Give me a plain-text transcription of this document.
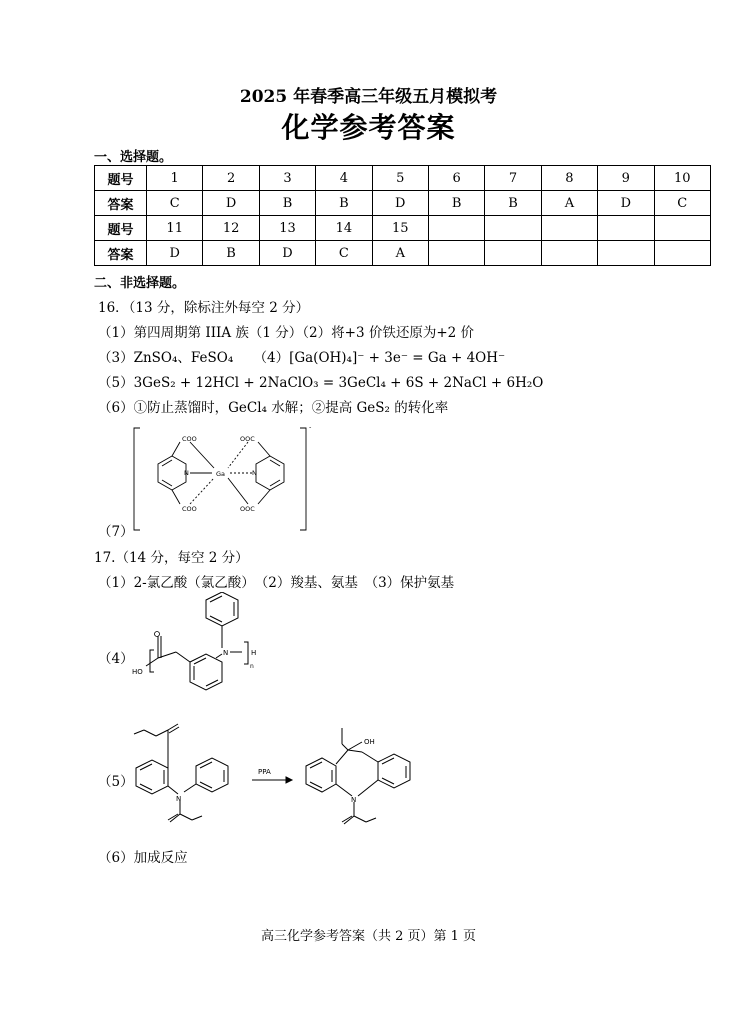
2025 年春季高三年级五月模拟考
化学参考答案
一、选择题。
题号	1	2	3	4	5	6	7	8	9	10
答案	C	D	B	B	D	B	B	A	D	C
题号	11	12	13	14	15					
答案	D	B	D	C	A					
二、非选择题。
16．（13 分，除标注外每空 2 分）
（1）第四周期第 IIIA 族（1 分）（2）将+3 价铁还原为+2 价
（3）ZnSO₄、FeSO₄　　（4）[Ga(OH)₄]⁻ + 3e⁻ = Ga + 4OH⁻
（5）3GeS₂ + 12HCl + 2NaClO₃ = 3GeCl₄ + 6S + 2NaCl + 6H₂O
（6）①防止蒸馏时，GeCl₄ 水解；②提高 GeS₂ 的转化率
（7）
COO	OOC
COO	OOC
N	N
Ga
-
17.（14 分，每空 2 分）
（1）2-氯乙酸（氯乙酸）　（2）羧基、氨基　（3）保护氨基
（4）
HO
N	H
n
（5）
N
PPA
OH
N
（6）加成反应
高三化学参考答案（共 2 页）第 1 页
